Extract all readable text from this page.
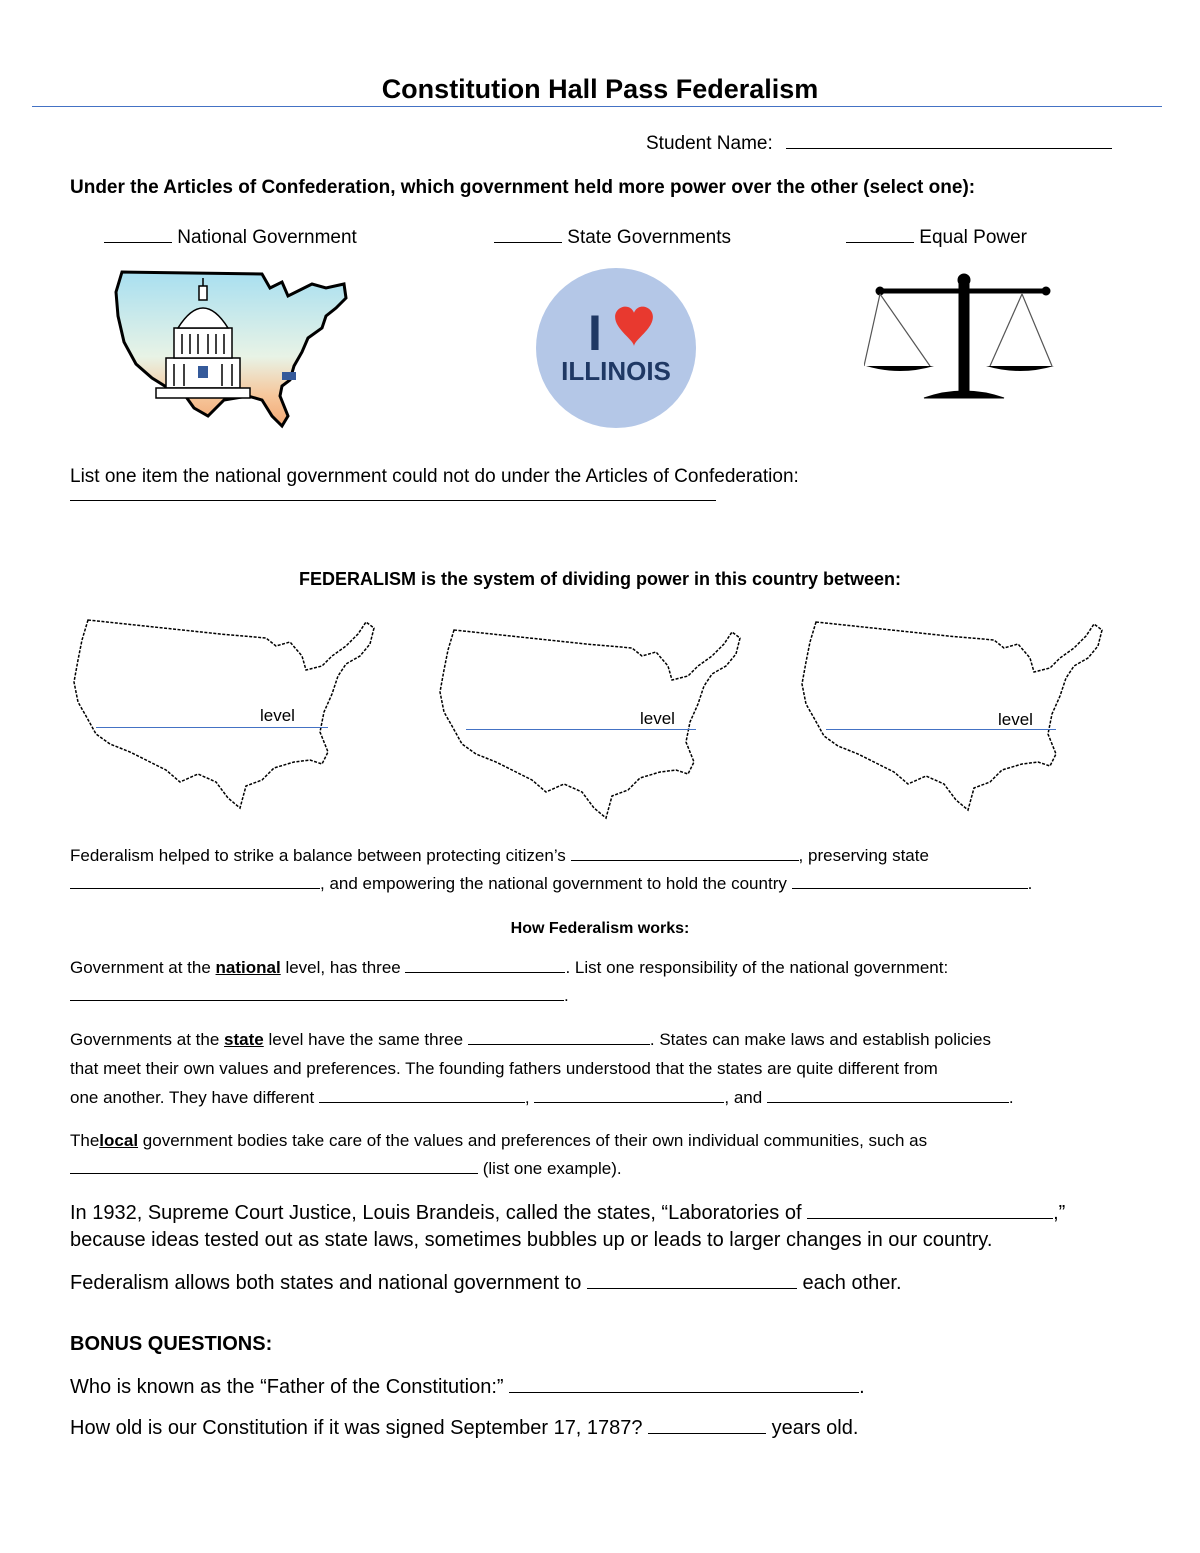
Constitution Hall Pass Federalism
Student Name:
Under the Articles of Confederation, which government held more power over the other (select one):
National Government	State Governments	Equal Power
I
ILLINOIS
List one item the national government could not do under the Articles of Confederation:
FEDERALISM is the system of dividing power in this country between:
level	level	level
Federalism helped to strike a balance between protecting citizen’s	, preserving state
, and empowering the national government to hold the country	.
How Federalism works:
Government at the national level, has three	. List one responsibility of the national government:
.
Governments at the state level have the same three	. States can make laws and establish policies
that meet their own values and preferences. The founding fathers understood that the states are quite different from
one another. They have different	,	, and	.
Thelocal government bodies take care of the values and preferences of their own individual communities, such as
(list one example).
In 1932, Supreme Court Justice, Louis Brandeis, called the states, “Laboratories of	,”
because ideas tested out as state laws, sometimes bubbles up or leads to larger changes in our country.
Federalism allows both states and national government to	each other.
BONUS QUESTIONS:
Who is known as the “Father of the Constitution:”	.
How old is our Constitution if it was signed September 17, 1787?	years old.
